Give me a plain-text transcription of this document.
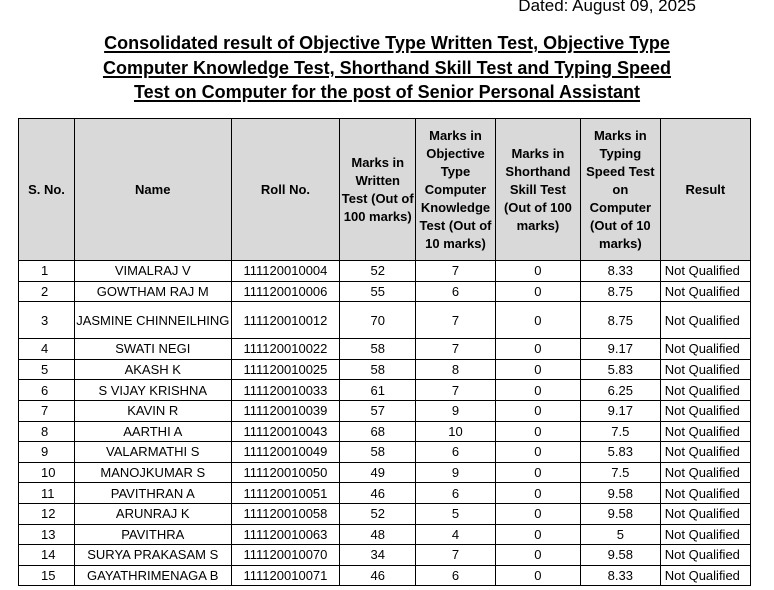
Dated: August 09, 2025
Consolidated result of Objective Type Written Test, Objective Type
Computer Knowledge Test, Shorthand Skill Test and Typing Speed
Test on Computer for the post of Senior Personal Assistant
S. No.	Name	Roll No.	Marks in Written Test (Out of 100 marks)	Marks in Objective Type Computer Knowledge Test (Out of 10 marks)	Marks in Shorthand Skill Test (Out of 100 marks)	Marks in Typing Speed Test on Computer (Out of 10 marks)	Result
1	VIMALRAJ V	111120010004	52	7	0	8.33	Not Qualified
2	GOWTHAM RAJ M	111120010006	55	6	0	8.75	Not Qualified
3	JASMINE CHINNEILHING	111120010012	70	7	0	8.75	Not Qualified
4	SWATI NEGI	111120010022	58	7	0	9.17	Not Qualified
5	AKASH K	111120010025	58	8	0	5.83	Not Qualified
6	S VIJAY KRISHNA	111120010033	61	7	0	6.25	Not Qualified
7	KAVIN R	111120010039	57	9	0	9.17	Not Qualified
8	AARTHI A	111120010043	68	10	0	7.5	Not Qualified
9	VALARMATHI S	111120010049	58	6	0	5.83	Not Qualified
10	MANOJKUMAR S	111120010050	49	9	0	7.5	Not Qualified
11	PAVITHRAN A	111120010051	46	6	0	9.58	Not Qualified
12	ARUNRAJ K	111120010058	52	5	0	9.58	Not Qualified
13	PAVITHRA	111120010063	48	4	0	5	Not Qualified
14	SURYA PRAKASAM S	111120010070	34	7	0	9.58	Not Qualified
15	GAYATHRIMENAGA B	111120010071	46	6	0	8.33	Not Qualified
